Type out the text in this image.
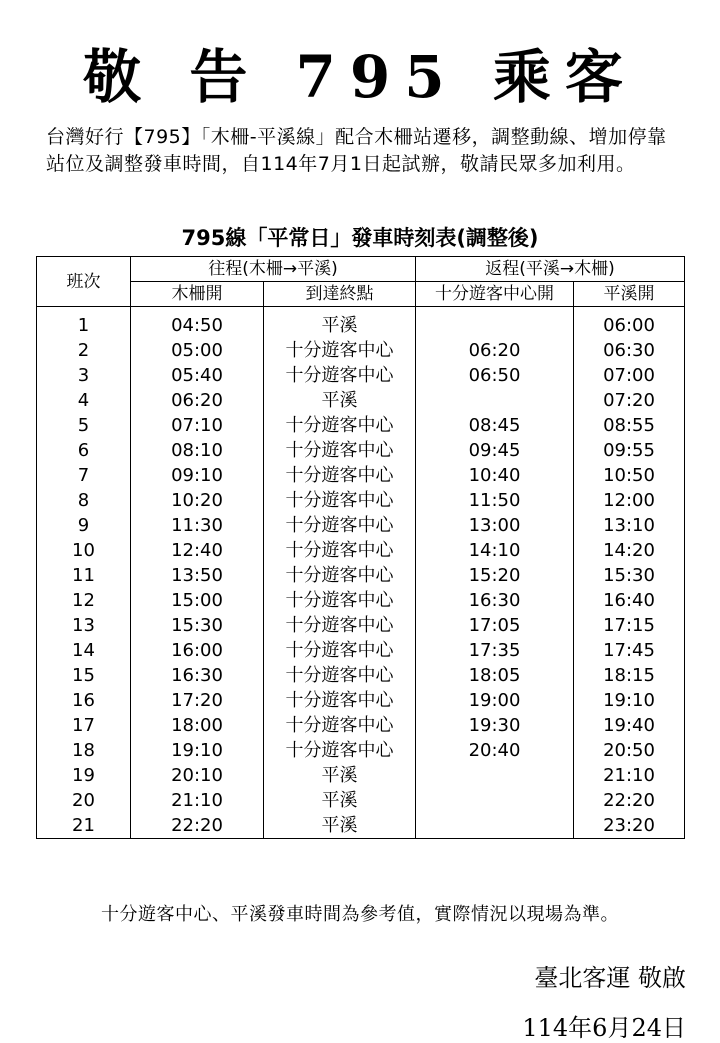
敬 告 795 乘客
台灣好行【795】「木柵-平溪線」配合木柵站遷移，調整動線、增加停靠站位及調整發車時間，自114年7月1日起試辦，敬請民眾多加利用。
795線「平常日」發車時刻表(調整後)
班次	往程(木柵→平溪)		返程(平溪→木柵)	
	木柵開	到達終點	十分遊客中心開	平溪開

1	04:50	平溪		06:00
2	05:00	十分遊客中心	06:20	06:30
3	05:40	十分遊客中心	06:50	07:00
4	06:20	平溪		07:20
5	07:10	十分遊客中心	08:45	08:55
6	08:10	十分遊客中心	09:45	09:55
7	09:10	十分遊客中心	10:40	10:50
8	10:20	十分遊客中心	11:50	12:00
9	11:30	十分遊客中心	13:00	13:10
10	12:40	十分遊客中心	14:10	14:20
11	13:50	十分遊客中心	15:20	15:30
12	15:00	十分遊客中心	16:30	16:40
13	15:30	十分遊客中心	17:05	17:15
14	16:00	十分遊客中心	17:35	17:45
15	16:30	十分遊客中心	18:05	18:15
16	17:20	十分遊客中心	19:00	19:10
17	18:00	十分遊客中心	19:30	19:40
18	19:10	十分遊客中心	20:40	20:50
19	20:10	平溪		21:10
20	21:10	平溪		22:20
21	22:20	平溪		23:20
十分遊客中心、平溪發車時間為參考值，實際情況以現場為準。
臺北客運 敬啟
114年6月24日
